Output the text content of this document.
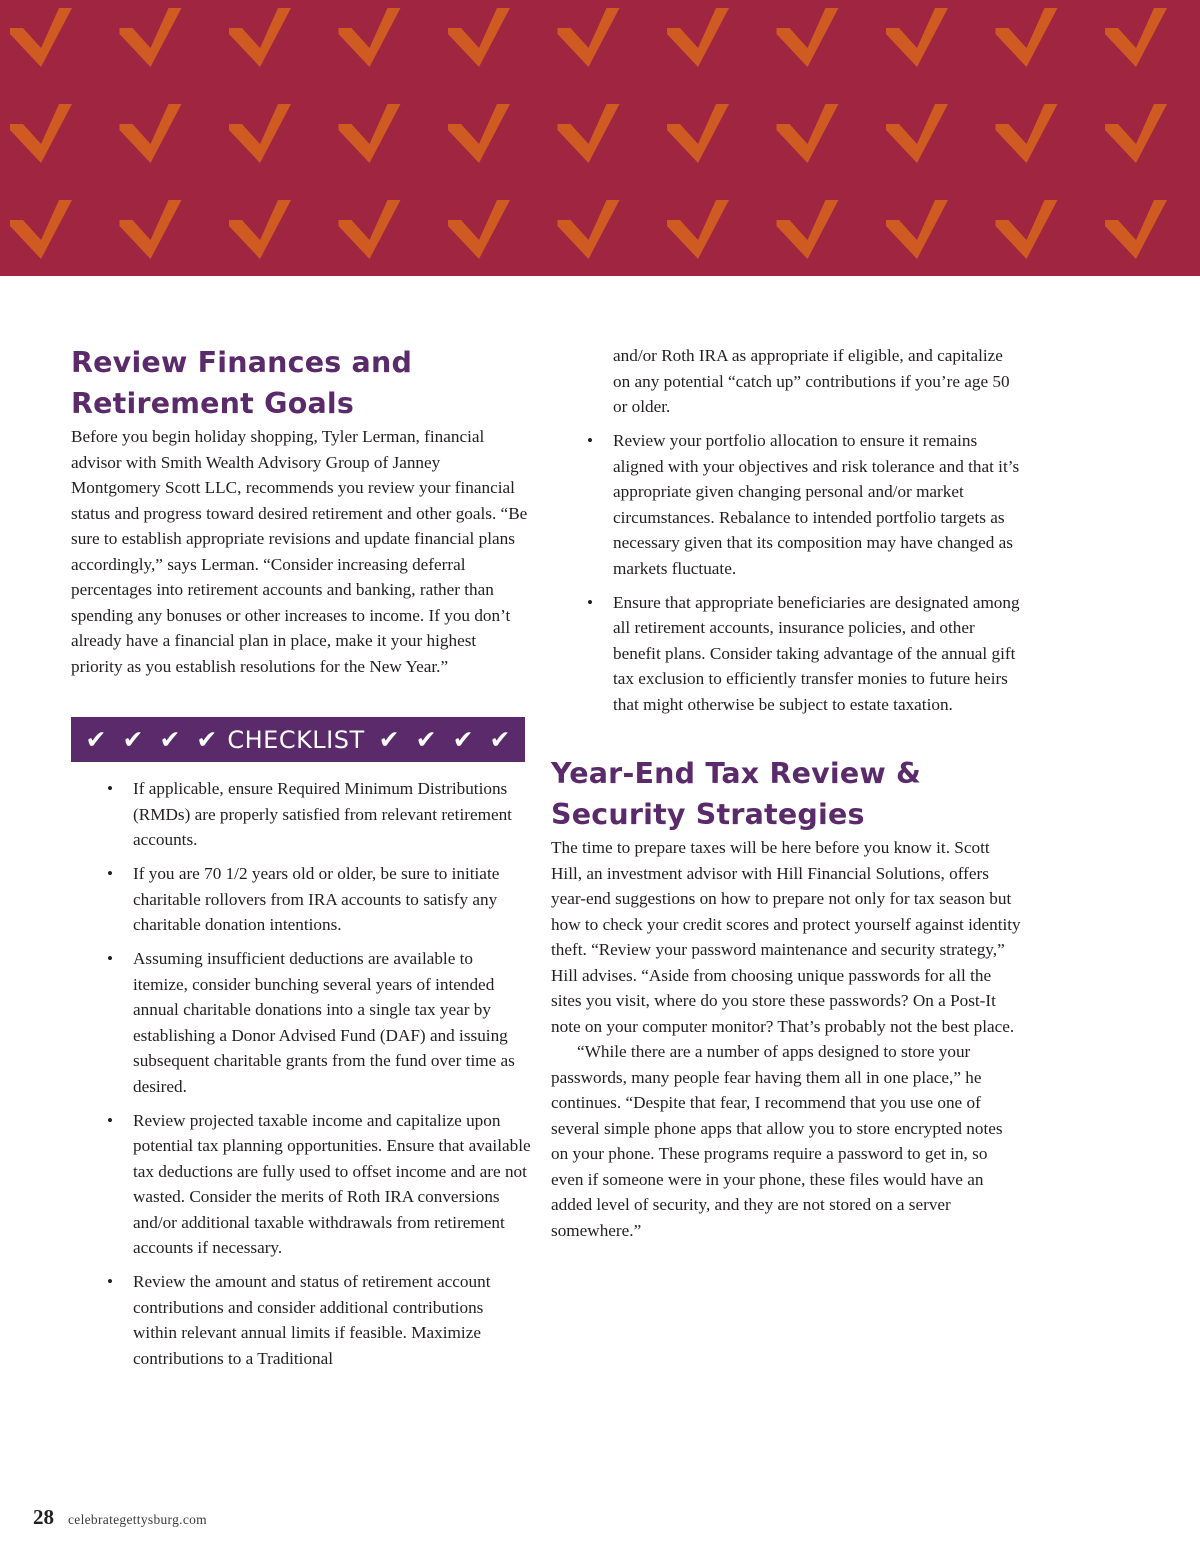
Review Finances and Retirement Goals

Before you begin holiday shopping, Tyler Lerman, financial advisor with Smith Wealth Advisory Group of Janney Montgomery Scott LLC, recommends you review your financial status and progress toward desired retirement and other goals. “Be sure to establish appropriate revisions and update financial plans accordingly,” says Lerman. “Consider increasing deferral percentages into retirement accounts and banking, rather than spending any bonuses or other increases to income. If you don’t already have a financial plan in place, make it your highest priority as you establish resolutions for the New Year.”

✔ ✔ ✔ ✔ CHECKLIST ✔ ✔ ✔ ✔
• If applicable, ensure Required Minimum Distributions (RMDs) are properly satisfied from relevant retirement accounts.
• If you are 70 1/2 years old or older, be sure to initiate charitable rollovers from IRA accounts to satisfy any charitable donation intentions.
• Assuming insufficient deductions are available to itemize, consider bunching several years of intended annual charitable donations into a single tax year by establishing a Donor Advised Fund (DAF) and issuing subsequent charitable grants from the fund over time as desired.
• Review projected taxable income and capitalize upon potential tax planning opportunities. Ensure that available tax deductions are fully used to offset income and are not wasted. Consider the merits of Roth IRA conversions and/or additional taxable withdrawals from retirement accounts if necessary.
• Review the amount and status of retirement account contributions and consider additional contributions within relevant annual limits if feasible. Maximize contributions to a Traditional
and/or Roth IRA as appropriate if eligible, and capitalize on any potential “catch up” contributions if you’re age 50 or older.
• Review your portfolio allocation to ensure it remains aligned with your objectives and risk tolerance and that it’s appropriate given changing personal and/or market circumstances. Rebalance to intended portfolio targets as necessary given that its composition may have changed as markets fluctuate.
• Ensure that appropriate beneficiaries are designated among all retirement accounts, insurance policies, and other benefit plans. Consider taking advantage of the annual gift tax exclusion to efficiently transfer monies to future heirs that might otherwise be subject to estate taxation.
Year-End Tax Review & Security Strategies

The time to prepare taxes will be here before you know it. Scott Hill, an investment advisor with Hill Financial Solutions, offers year-end suggestions on how to prepare not only for tax season but how to check your credit scores and protect yourself against identity theft. “Review your password maintenance and security strategy,” Hill advises. “Aside from choosing unique passwords for all the sites you visit, where do you store these passwords? On a Post-It note on your computer monitor? That’s probably not the best place.

“While there are a number of apps designed to store your passwords, many people fear having them all in one place,” he continues. “Despite that fear, I recommend that you use one of several simple phone apps that allow you to store encrypted notes on your phone. These programs require a password to get in, so even if someone were in your phone, these files would have an added level of security, and they are not stored on a server somewhere.”

28 celebrategettysburg.com
